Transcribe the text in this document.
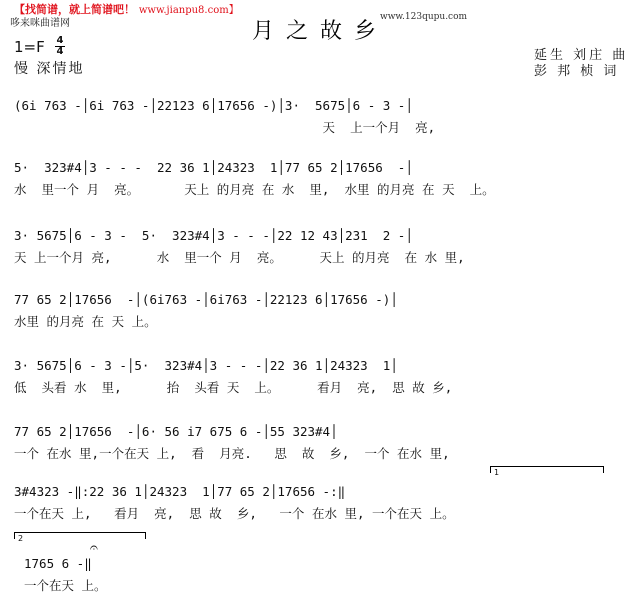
【找简谱，就上简谱吧！ www.jianpu8.com】
哆来咪曲谱网	月之故乡
www.123qupu.com
1=F 4
4
慢 深情地
延生 刘庄 曲
彭 邦 桢 词
(6i 763 -│6i 763 -│22123 6│17656 -)│3·  5675│6 - 3 -│
天  上一个月  亮,
5·  323#4│3 - - -  22 36 1│24323  1│77 65 2│17656  -│
水  里一个 月  亮。      天上 的月亮 在 水  里,  水里 的月亮 在 天  上。
3· 5675│6 - 3 -  5·  323#4│3 - - -│22 12 43│231  2 -│
天 上一个月 亮,      水  里一个 月  亮。     天上 的月亮  在 水 里,
77 65 2│17656  -│(6i763 -│6i763 -│22123 6│17656 -)│
水里 的月亮 在 天 上。
3· 5675│6 - 3 -│5·  323#4│3 - - -│22 36 1│24323  1│
低  头看 水  里,      抬  头看 天  上。     看月  亮,  思 故 乡,
77 65 2│17656  -│6· 56 i7 675 6 -│55 323#4│
一个 在水 里,一个在天 上,  看  月亮.   思  故  乡,  一个 在水 里,
1
3#4323 -‖:22 36 1│24323  1│77 65 2│17656 -:‖
一个在天 上,   看月  亮,  思 故  乡,   一个 在水 里, 一个在天 上。
2
𝄐
1765 6 -‖
一个在天 上。
